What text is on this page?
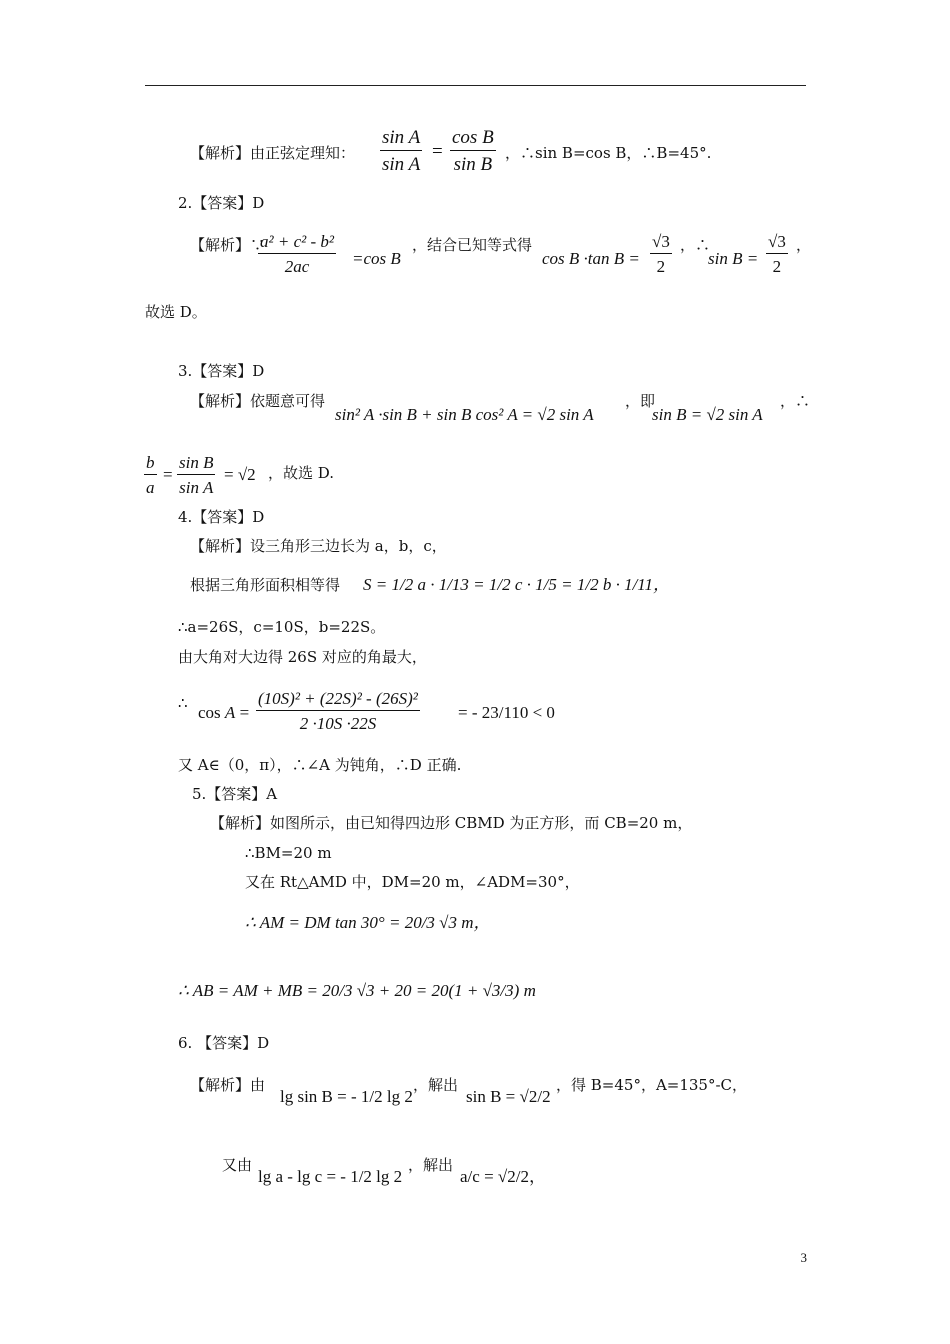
【解析】由正弦定理知：
sin A
sin A
=
cos B
sin B
，∴sin B=cos B，∴B=45°.
2.【答案】D
【解析】∵
a² + c² - b²
2ac	=cos B
，结合已知等式得
cos B ·tan B =
√3
2
，∴
sin B =
√3
2
，
故选 D。
3.【答案】D
【解析】依题意可得
sin² A ·sin B + sin B cos² A = √2 sin A
，即
sin B = √2 sin A
，∴
b
a
=
sin B
sin A
= √2 ，故选 D.
4.【答案】D
【解析】设三角形三边长为 a，b，c，
根据三角形面积相等得 S = 1/2 a · 1/13 = 1/2 c · 1/5 = 1/2 b · 1/11，
∴a=26S，c=10S，b=22S。
由大角对大边得 26S 对应的角最大，
∴ cos A =
(10S)² + (22S)² - (26S)²
2 ·10S ·22S
= - 23/110 < 0
又 A∈（0，π），∴∠A 为钝角，∴D 正确.
5.【答案】A
【解析】如图所示，由已知得四边形 CBMD 为正方形，而 CB=20 m，
∴BM=20 m
又在 Rt△AMD 中，DM=20 m，∠ADM=30°，
∴ AM = DM tan 30° = 20/3 √3 m，
∴ AB = AM + MB = 20/3 √3 + 20 = 20(1 + √3/3) m
6. 【答案】D
【解析】由
lg sin B = - 1/2 lg 2
，解出
sin B = √2/2
，得 B=45°，A=135°-C，
又由
lg a - lg c = - 1/2 lg 2
，解出
a/c = √2/2，
3
